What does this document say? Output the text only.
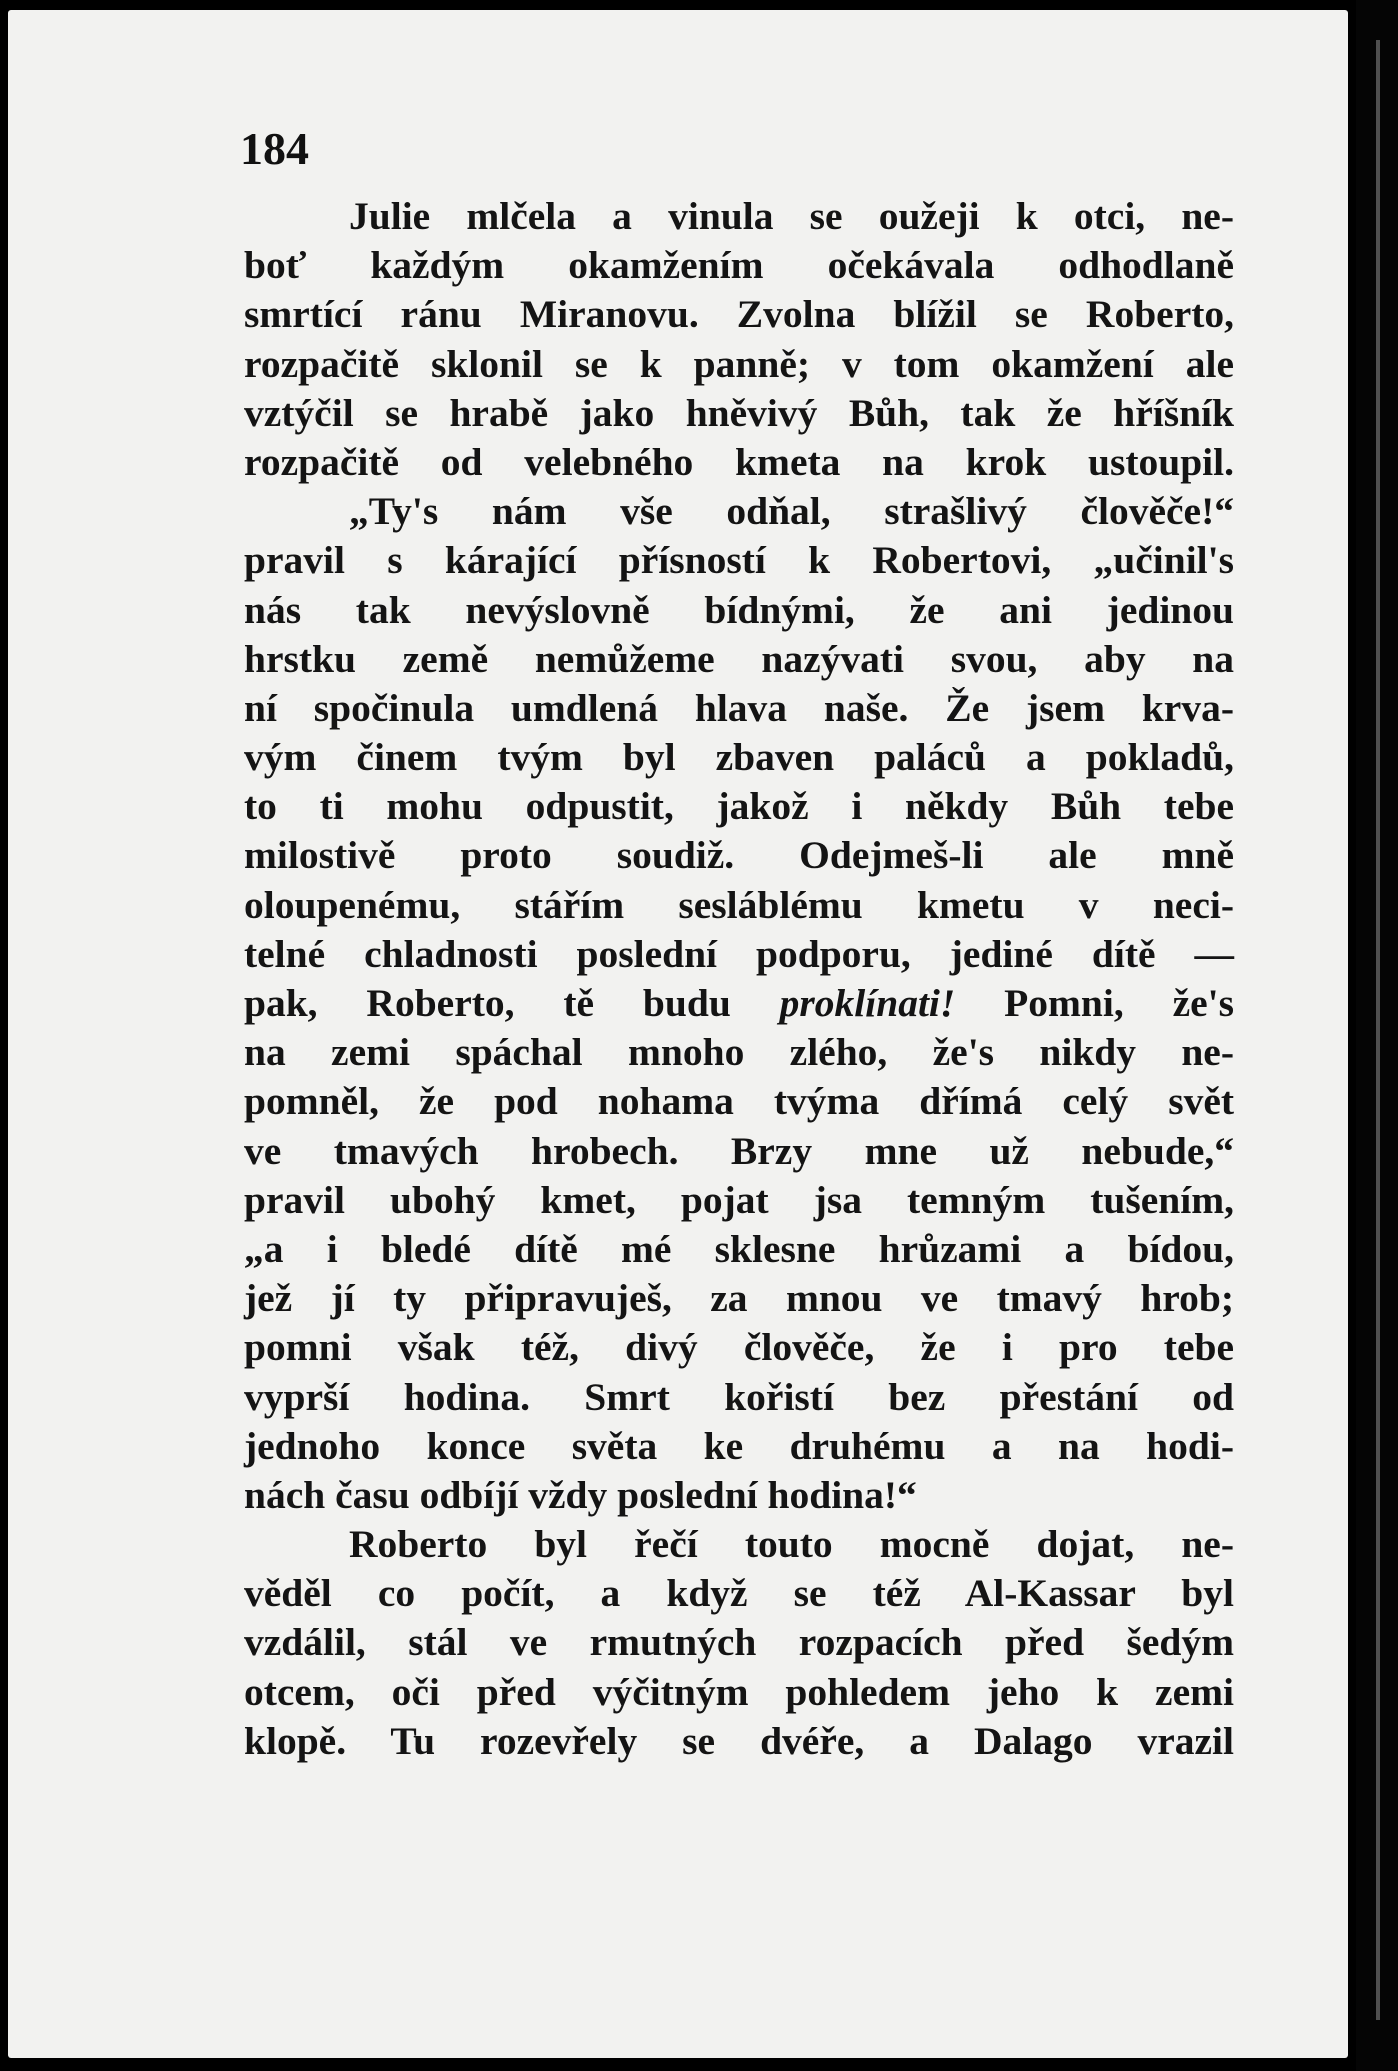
184
Julie mlčela a vinula se oužeji k otci, ne-
boť každým okamžením očekávala odhodlaně
smrtící ránu Miranovu. Zvolna blížil se Roberto,
rozpačitě sklonil se k panně; v tom okamžení ale
vztýčil se hrabě jako hněvivý Bůh, tak že hříšník
rozpačitě od velebného kmeta na krok ustoupil.
„Ty's nám vše odňal, strašlivý člověče!“
pravil s kárající přísností k Robertovi, „učinil's
nás tak nevýslovně bídnými, že ani jedinou
hrstku země nemůžeme nazývati svou, aby na
ní spočinula umdlená hlava naše. Že jsem krva-
vým činem tvým byl zbaven paláců a pokladů,
to ti mohu odpustit, jakož i někdy Bůh tebe
milostivě proto soudiž. Odejmeš-li ale mně
oloupenému, stářím sesláblému kmetu v neci-
telné chladnosti poslední podporu, jediné dítě —
pak, Roberto, tě budu proklínati! Pomni, že's
na zemi spáchal mnoho zlého, že's nikdy ne-
pomněl, že pod nohama tvýma dřímá celý svět
ve tmavých hrobech. Brzy mne už nebude,“
pravil ubohý kmet, pojat jsa temným tušením,
„a i bledé dítě mé sklesne hrůzami a bídou,
jež jí ty připravuješ, za mnou ve tmavý hrob;
pomni však též, divý člověče, že i pro tebe
vyprší hodina. Smrt kořistí bez přestání od
jednoho konce světa ke druhému a na hodi-
nách času odbíjí vždy poslední hodina!“
Roberto byl řečí touto mocně dojat, ne-
věděl co počít, a když se též Al-Kassar byl
vzdálil, stál ve rmutných rozpacích před šedým
otcem, oči před výčitným pohledem jeho k zemi
klopě. Tu rozevřely se dvéře, a Dalago vrazil
